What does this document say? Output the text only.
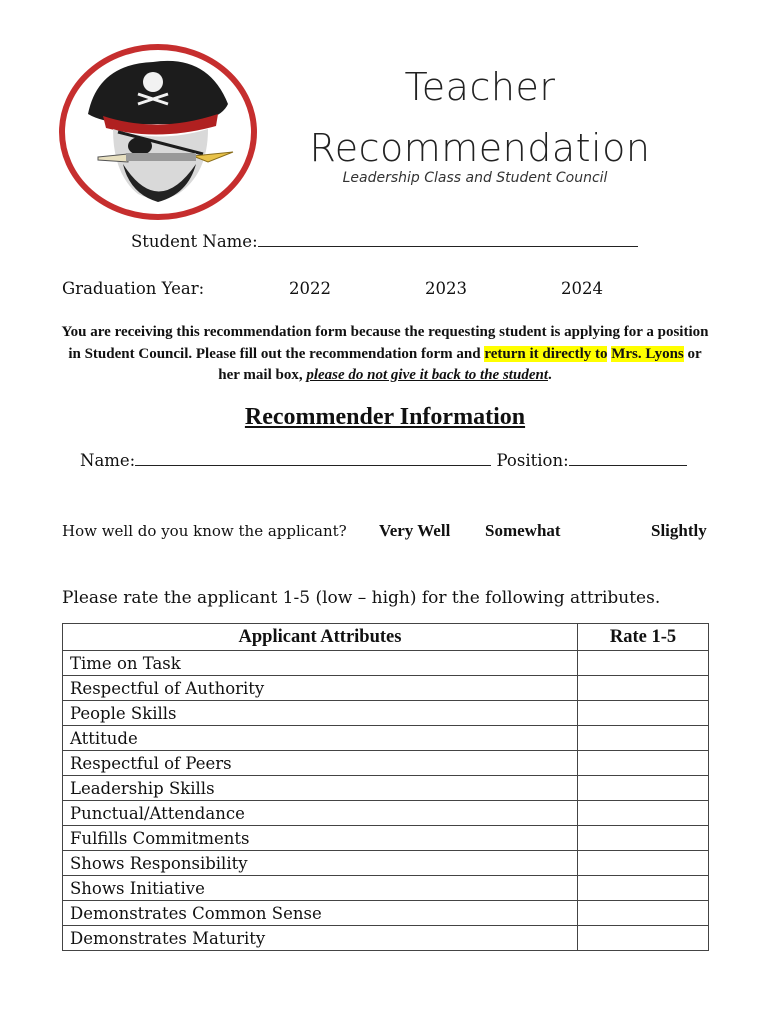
Teacher
Recommendation
Leadership Class and Student Council
Student Name:
Graduation Year:	2022	2023	2024
You are receiving this recommendation form because the requesting student is applying for a position in Student Council. Please fill out the recommendation form and return it directly to Mrs. Lyons or her mail box, please do not give it back to the student.
Recommender Information
Name:	Position:
How well do you know the applicant? Very Well Somewhat	Slightly
Please rate the applicant 1-5 (low – high) for the following attributes.
Applicant Attributes	Rate 1-5
Time on Task	
Respectful of Authority	
People Skills	
Attitude	
Respectful of Peers	
Leadership Skills	
Punctual/Attendance	
Fulfills Commitments	
Shows Responsibility	
Shows Initiative	
Demonstrates Common Sense	
Demonstrates Maturity	
